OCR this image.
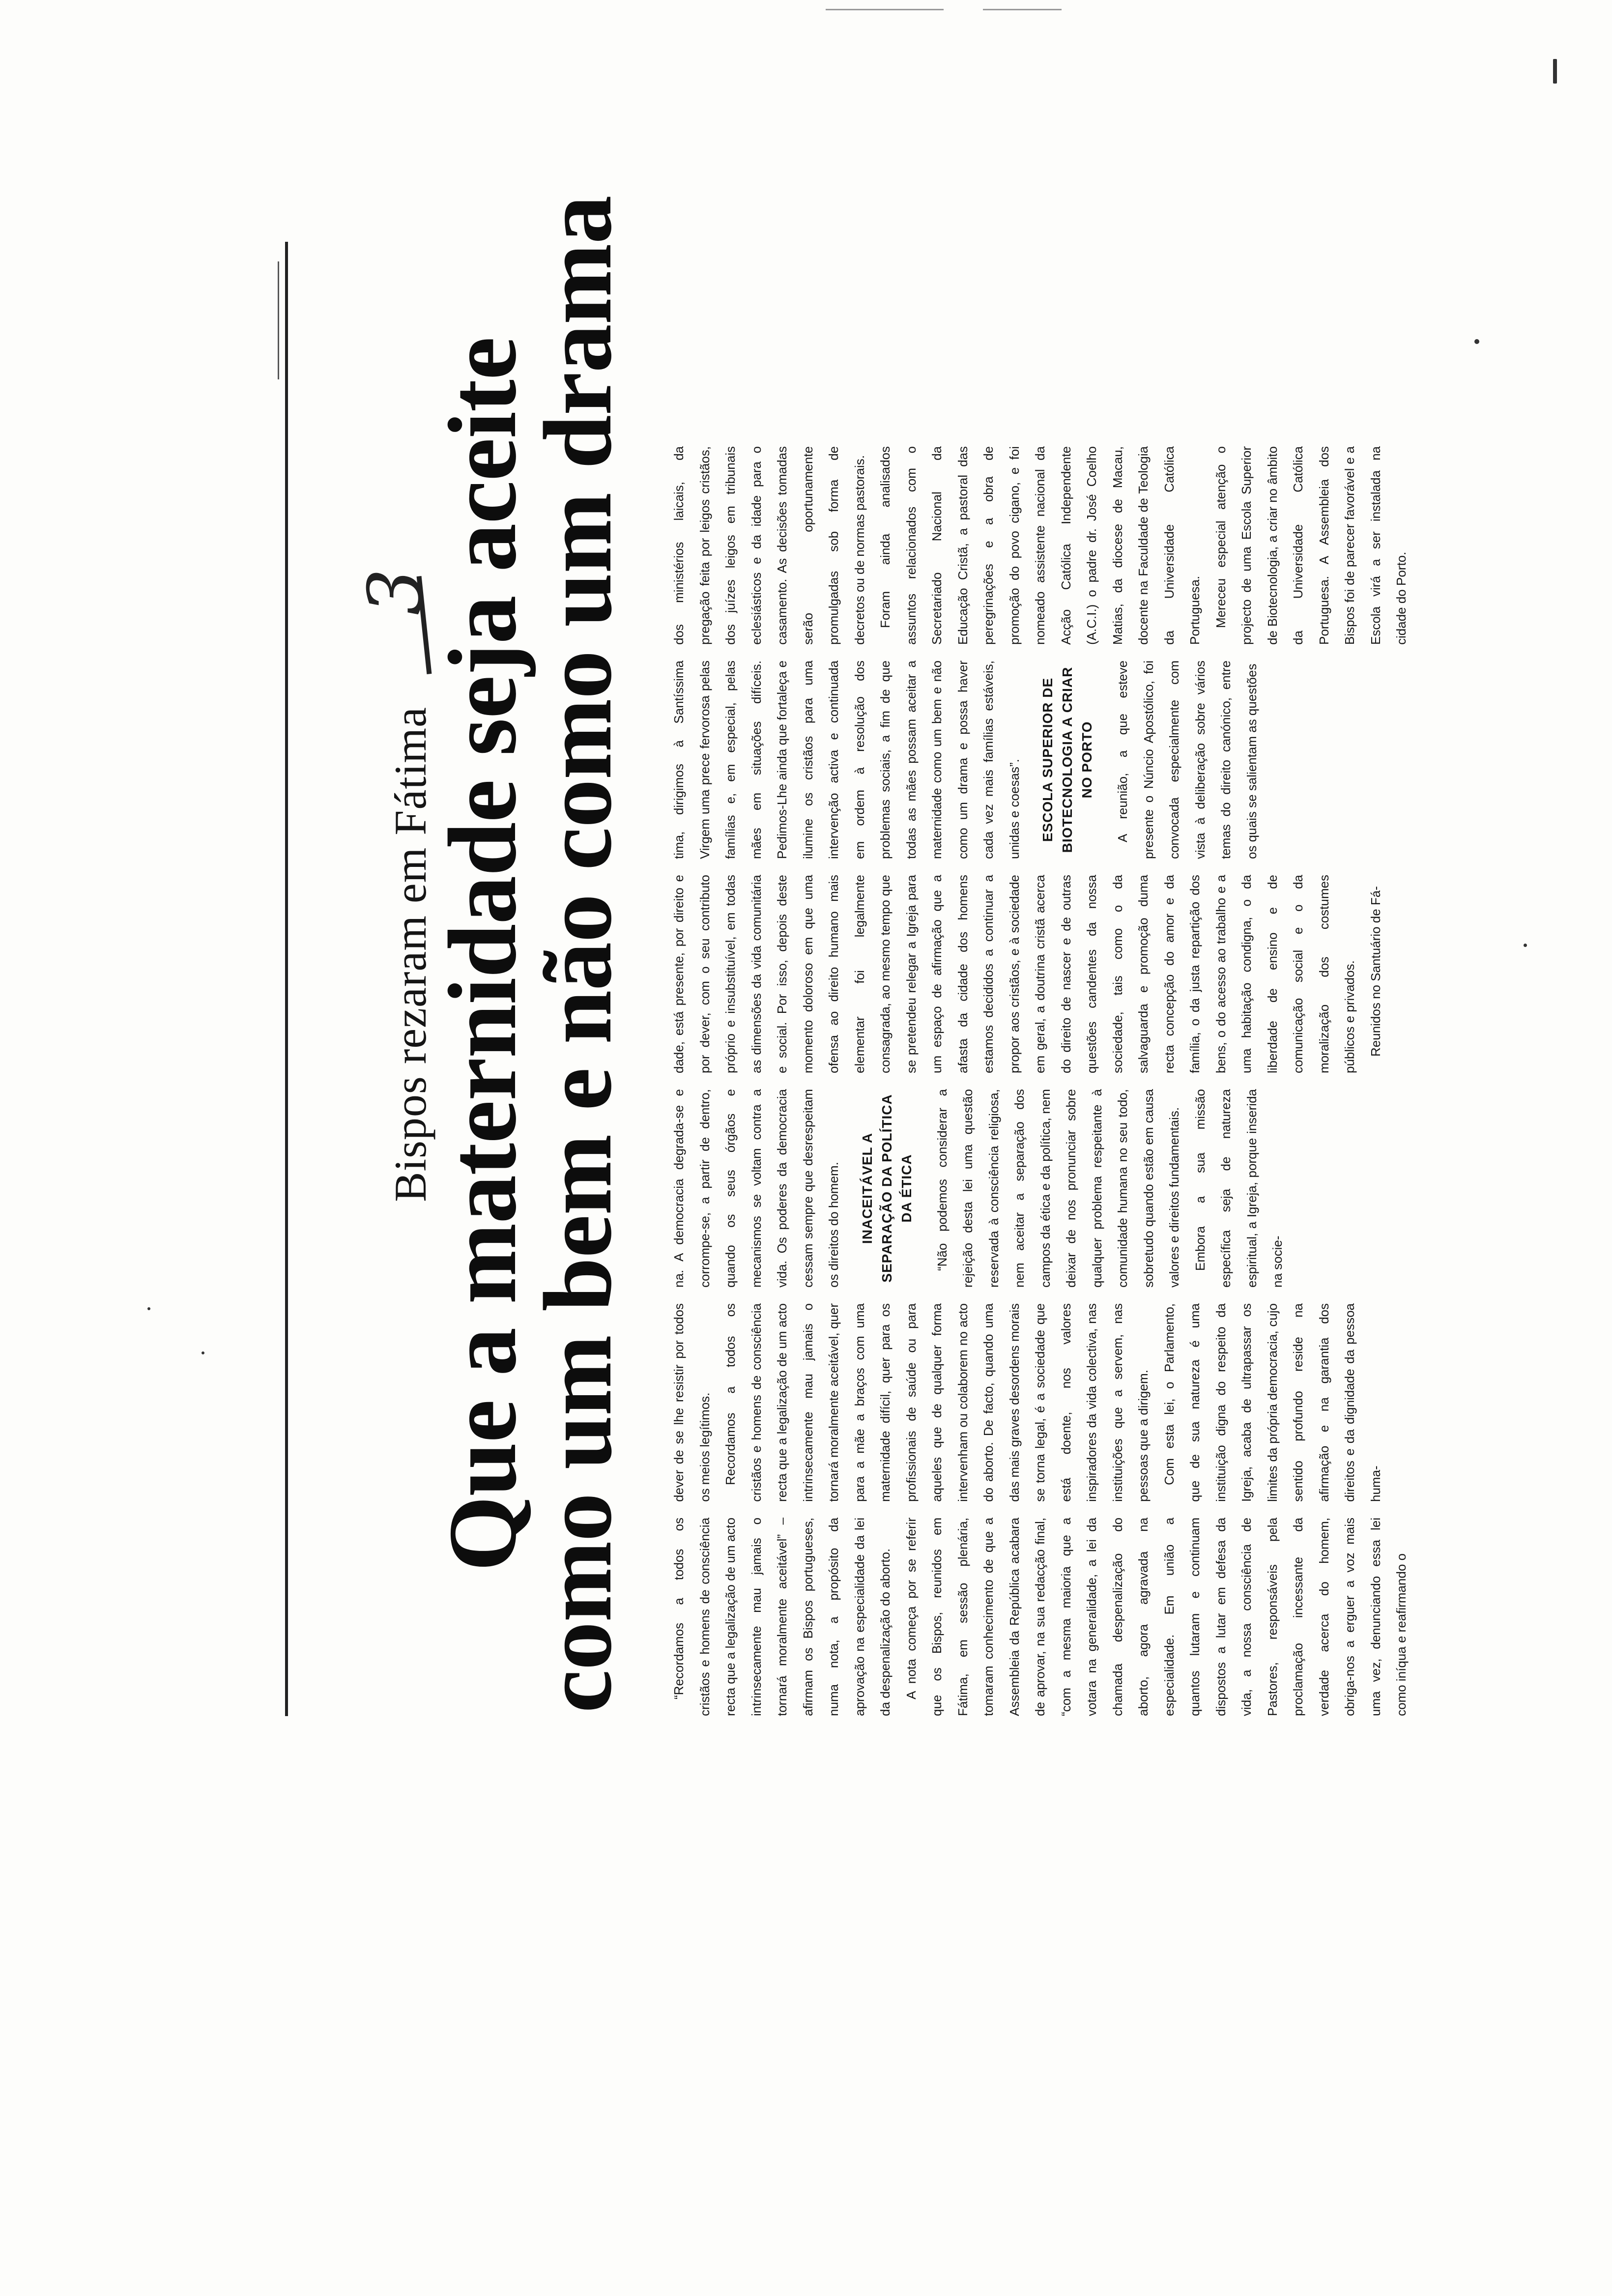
Bispos rezaram em Fátima
3
Que a maternidade seja aceite
como um bem e não como um drama	“Recordamos a todos os cristãos e homens de consciência recta que a legalização de um acto intrinsecamente mau jamais o tornará moralmente aceitável” – afirmam os Bispos portugueses, numa nota, a propósito da aprovação na especialidade da lei da despenalização do aborto. A nota começa por se referir que os Bispos, reunidos em Fátima, em sessão plenária, tomaram conhecimento de que a Assembleia da República acabara de aprovar, na sua redacção final, “com a mesma maioria que a votara na generalidade, a lei da chamada despenalização do aborto, agora agravada na especialidade. Em união a quantos lutaram e continuam dispostos a lutar em defesa da vida, a nossa consciência de Pastores, responsáveis pela proclamação incessante da verdade acerca do homem, obriga-nos a erguer a voz mais uma vez, denunciando essa lei como iníqua e reafirmando o

dever de se lhe resistir por todos os meios legítimos. Recordamos a todos os cristãos e homens de consciência recta que a legalização de um acto intrinsecamente mau jamais o tornará moralmente aceitável, quer para a mãe a braços com uma maternidade difícil, quer para os profissionais de saúde ou para aqueles que de qualquer forma intervenham ou colaborem no acto do aborto. De facto, quando uma das mais graves desordens morais se torna legal, é a sociedade que está doente, nos valores inspiradores da vida colectiva, nas instituições que a servem, nas pessoas que a dirigem. Com esta lei, o Parlamento, que de sua natureza é uma instituição digna do respeito da Igreja, acaba de ultrapassar os limites da própria democracia, cujo sentido profundo reside na afirmação e na garantia dos direitos e da dignidade da pessoa huma-

na. A democracia degrada-se e corrompe-se, a partir de dentro, quando os seus órgãos e mecanismos se voltam contra a vida. Os poderes da democracia cessam sempre que desrespeitam os direitos do homem.	INACEITÁVEL A SEPARAÇÃO DA POLÍTICA DA ÉTICA	“Não podemos considerar a rejeição desta lei uma questão reservada à consciência religiosa, nem aceitar a separação dos campos da ética e da política, nem deixar de nos pronunciar sobre qualquer problema respeitante à comunidade humana no seu todo, sobretudo quando estão em causa valores e direitos fundamentais. Embora a sua missão específica seja de natureza espiritual, a Igreja, porque inserida na socie-

dade, está presente, por direito e por dever, com o seu contributo próprio e insubstituível, em todas as dimensões da vida comunitária e social. Por isso, depois deste momento doloroso em que uma ofensa ao direito humano mais elementar foi legalmente consagrada, ao mesmo tempo que se pretendeu relegar a Igreja para um espaço de afirmação que a afasta da cidade dos homens estamos decididos a continuar a propor aos cristãos, e à sociedade em geral, a doutrina cristã acerca do direito de nascer e de outras questões candentes da nossa sociedade, tais como o da salvaguarda e promoção duma recta concepção do amor e da família, o da justa repartição dos bens, o do acesso ao trabalho e a uma habitação condigna, o da liberdade de ensino e de comunicação social e o da moralização dos costumes públicos e privados. Reunidos no Santuário de Fá-

tima, dirigimos à Santíssima Virgem uma prece fervorosa pelas famílias e, em especial, pelas mães em situações difíceis. Pedimos-Lhe ainda que fortaleça e ilumine os cristãos para uma intervenção activa e continuada em ordem à resolução dos problemas sociais, a fim de que todas as mães possam aceitar a maternidade como um bem e não como um drama e possa haver cada vez mais famílias estáveis, unidas e coesas”.	ESCOLA SUPERIOR DE BIOTECNOLOGIA A CRIAR NO PORTO	A reunião, a que esteve presente o Núncio Apostólico, foi convocada especialmente com vista à deliberação sobre vários temas do direito canónico, entre os quais se salientam as questões

dos ministérios laicais, da pregação feita por leigos cristãos, dos juízes leigos em tribunais eclesiásticos e da idade para o casamento. As decisões tomadas serão oportunamente promulgadas sob forma de decretos ou de normas pastorais. Foram ainda analisados assuntos relacionados com o Secretariado Nacional da Educação Cristã, a pastoral das peregrinações e a obra de promoção do povo cigano, e foi nomeado assistente nacional da Acção Católica Independente (A.C.I.) o padre dr. José Coelho Matias, da diocese de Macau, docente na Faculdade de Teologia da Universidade Católica Portuguesa. Mereceu especial atenção o projecto de uma Escola Superior de Biotecnologia, a criar no âmbito da Universidade Católica Portuguesa. A Assembleia dos Bispos foi de parecer favorável e a Escola virá a ser instalada na cidade do Porto.
